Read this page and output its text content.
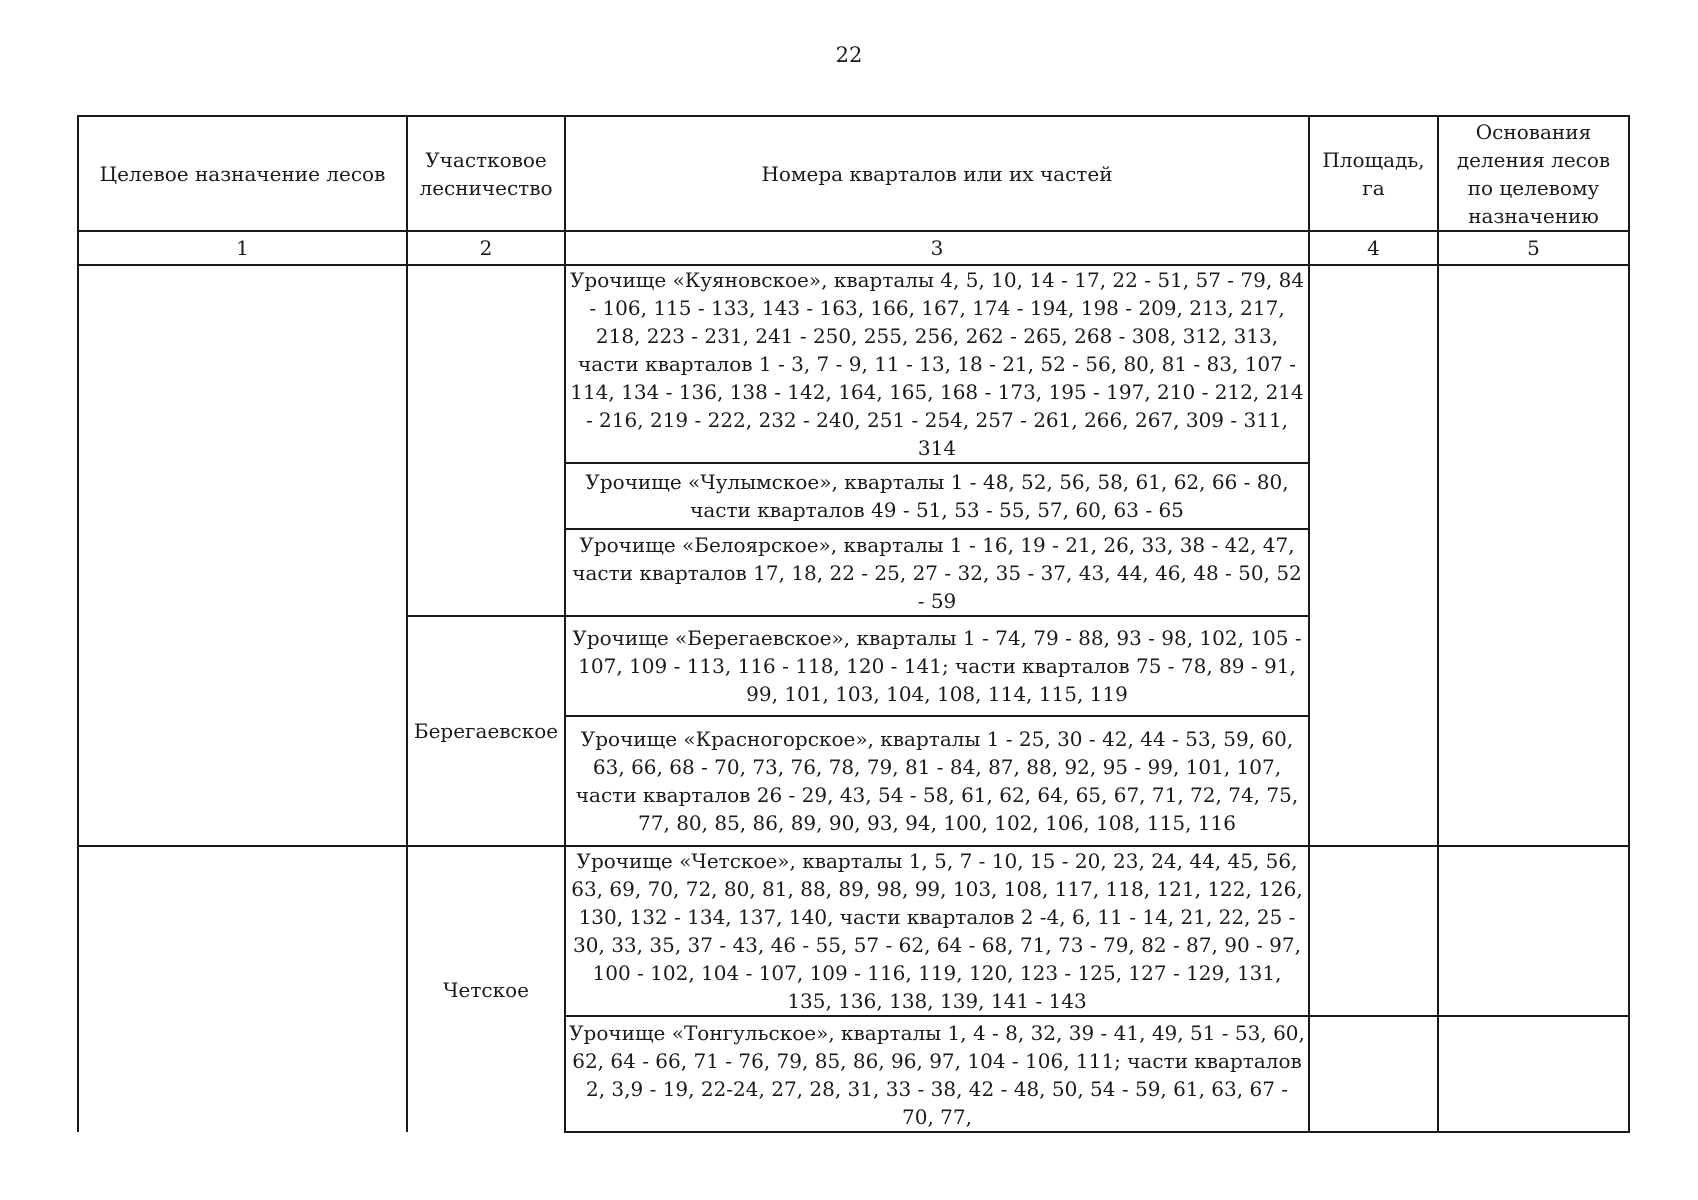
22
Целевое назначение лесов	Участковое лесничество	Номера кварталов или их частей	Площадь, га	Основания деления лесов по целевому назначению
1	2	3	4	5
		Урочище «Куяновское», кварталы 4, 5, 10, 14 - 17, 22 - 51, 57 - 79, 84 - 106, 115 - 133, 143 - 163, 166, 167, 174 - 194, 198 - 209, 213, 217, 218, 223 - 231, 241 - 250, 255, 256, 262 - 265, 268 - 308, 312, 313, части кварталов 1 - 3, 7 - 9, 11 - 13, 18 - 21, 52 - 56, 80, 81 - 83, 107 - 114, 134 - 136, 138 - 142, 164, 165, 168 - 173, 195 - 197, 210 - 212, 214 - 216, 219 - 222, 232 - 240, 251 - 254, 257 - 261, 266, 267, 309 - 311, 314		
		Урочище «Чулымское», кварталы 1 - 48, 52, 56, 58, 61, 62, 66 - 80, части кварталов 49 - 51, 53 - 55, 57, 60, 63 - 65		
		Урочище «Белоярское», кварталы 1 - 16, 19 - 21, 26, 33, 38 - 42, 47, части кварталов 17, 18, 22 - 25, 27 - 32, 35 - 37, 43, 44, 46, 48 - 50, 52 - 59		
	Берегаевское	Урочище «Берегаевское», кварталы 1 - 74, 79 - 88, 93 - 98, 102, 105 - 107, 109 - 113, 116 - 118, 120 - 141; части кварталов 75 - 78, 89 - 91, 99, 101, 103, 104, 108, 114, 115, 119		
		Урочище «Красногорское», кварталы 1 - 25, 30 - 42, 44 - 53, 59, 60, 63, 66, 68 - 70, 73, 76, 78, 79, 81 - 84, 87, 88, 92, 95 - 99, 101, 107, части кварталов 26 - 29, 43, 54 - 58, 61, 62, 64, 65, 67, 71, 72, 74, 75, 77, 80, 85, 86, 89, 90, 93, 94, 100, 102, 106, 108, 115, 116		
	Четское	Урочище «Четское», кварталы 1, 5, 7 - 10, 15 - 20, 23, 24, 44, 45, 56, 63, 69, 70, 72, 80, 81, 88, 89, 98, 99, 103, 108, 117, 118, 121, 122, 126, 130, 132 - 134, 137, 140, части кварталов 2 -4, 6, 11 - 14, 21, 22, 25 - 30, 33, 35, 37 - 43, 46 - 55, 57 - 62, 64 - 68, 71, 73 - 79, 82 - 87, 90 - 97, 100 - 102, 104 - 107, 109 - 116, 119, 120, 123 - 125, 127 - 129, 131, 135, 136, 138, 139, 141 - 143		
		Урочище «Тонгульское», кварталы 1, 4 - 8, 32, 39 - 41, 49, 51 - 53, 60, 62, 64 - 66, 71 - 76, 79, 85, 86, 96, 97, 104 - 106, 111; части кварталов 2, 3,9 - 19, 22-24, 27, 28, 31, 33 - 38, 42 - 48, 50, 54 - 59, 61, 63, 67 - 70, 77,		
